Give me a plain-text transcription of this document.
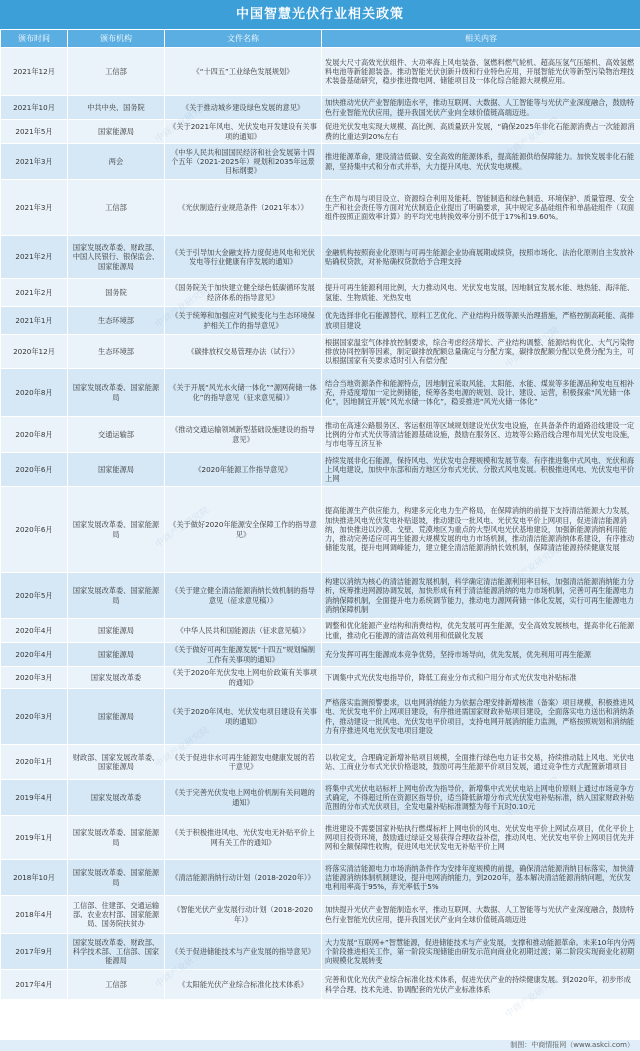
中国智慧光伏行业相关政策
颁布时间	颁布机构	文件名称	相关内容
2021年12月	工信部	《“十四五”工业绿色发展规划》	发展大尺寸高效光伏组件、大功率海上风电装备、氢燃料燃气轮机、超高压氢气压缩机、高效氢燃料电池等新能源装备。推动智能光伏创新升级和行业特色应用，开展智能光伏等新型污染物治理技术装备基础研究，稳步推进微电网、储能项目及一体化综合能源大规模应用。
2021年10月	中共中央、国务院	《关于推动城乡建设绿色发展的意见》	加快推动光伏产业智能制造水平，推动互联网、大数据、人工智能等与光伏产业深度融合，鼓励特色行业智能光伏应用，提升我国光伏产业向全球价值链高端迈进。
2021年5月	国家能源局	《关于2021年风电、光伏发电开发建设有关事项的通知》	促进光伏发电实现大规模、高比例、高质量跃升发展，“确保2025年非化石能源消费占一次能源消费的比重达到20%左右
2021年3月	两会	《中华人民共和国国民经济和社会发展第十四个五年（2021-2025年）规划和2035年远景目标纲要》	推进能源革命，建设清洁低碳、安全高效的能源体系，提高能源供给保障能力。加快发展非化石能源，坚持集中式和分布式并举，大力提升风电、光伏发电规模。
2021年3月	工信部	《光伏制造行业规范条件（2021年本）》	在生产布局与项目设立、资源综合利用及能耗、智能制造和绿色制造、环境保护、质量管理、安全生产和社会责任等方面对光伏制造企业提出了明确要求，其中规定多晶硅组件和单晶硅组件（双面组件按照正面效率计算）的平均光电转换效率分别不低于17%和19.60%。
2021年2月	国家发展改革委、财政部、中国人民银行、银保监会、国家能源局	《关于引导加大金融支持力度促进风电和光伏发电等行业健康有序发展的通知》	金融机构按照商业化原则与可再生能源企业协商展期或续贷，按照市场化、法治化原则自主发放补贴确权贷款，对补贴确权贷款给予合理支持
2021年2月	国务院	《国务院关于加快建立健全绿色低碳循环发展经济体系的指导意见》	提升可再生能源利用比例，大力推动风电、光伏发电发展，因地制宜发展水能、地热能、海洋能、氢能、生物质能、光热发电
2021年1月	生态环境部	《关于统筹和加强应对气候变化与生态环境保护相关工作的指导意见》	优先选择非化石能源替代、原料工艺优化、产业结构升级等源头治理措施，严格控制高耗能、高排放项目建设
2020年12月	生态环境部	《碳排放权交易管理办法（试行）》	根据国家温室气体排放控制要求，综合考虑经济增长、产业结构调整、能源结构优化、大气污染物排放协同控制等因素，制定碳排放配额总量确定与分配方案，碳排放配额分配以免费分配为主，可以根据国家有关要求适时引入有偿分配
2020年8月	国家发展改革委、国家能源局	《关于开展“风光水火储一体化”“源网荷储一体化”的指导意见（征求意见稿）》	结合当地资源条件和能源特点，因地制宜采取风能、太阳能、水能、煤炭等多能源品种发电互相补充，并适度增加一定比例储能，统筹各类电源的规划、设计、建设、运营，积极探索“风光储一体化”，因地制宜开展“风光水储一体化”，稳妥推进“风光火储一体化”
2020年8月	交通运输部	《推动交通运输领域新型基础设施建设的指导意见》	推动在高速公路服务区、客运枢纽等区域规划建设光伏发电设施，在具备条件的道路沿线建设一定比例的分布式光伏等清洁能源基础设施，鼓励在服务区、边坡等公路沿线合理布局光伏发电设施，与市电等互济互补
2020年6月	国家能源局	《2020年能源工作指导意见》	持续发展非化石能源，保持风电、光伏发电合理规模和发展节奏。有序推进集中式风电、光伏和海上风电建设，加快中东部和南方地区分布式光伏、分散式风电发展。积极推进风电、光伏发电平价上网
2020年6月	国家发展改革委、国家能源局	《关于做好2020年能源安全保障工作的指导意见》	提高能源生产供应能力，构建多元化电力生产格局，在保障消纳的前提下支持清洁能源大力发展，加快推进风电光伏发电补贴退坡，推动建设一批风电、光伏发电平价上网项目，促进清洁能源消纳，加快推进以沙漠、戈壁、荒漠地区为重点的大型风电光伏基地建设，加强新能源消纳利用能力，推动完善适应可再生能源大规模发展的电力市场机制，推动清洁能源消纳体系建设，有序推动储能发展，提升电网调峰能力，建立健全清洁能源消纳长效机制，保障清洁能源持续健康发展
2020年5月	国家发展改革委、国家能源局	《关于建立健全清洁能源消纳长效机制的指导意见（征求意见稿）》	构建以消纳为核心的清洁能源发展机制，科学确定清洁能源利用率目标，加强清洁能源消纳能力分析，统筹推进网源协调发展，加快形成有利于清洁能源消纳的电力市场机制，完善可再生能源电力消纳保障机制，全面提升电力系统调节能力，推动电力源网荷储一体化发展，实行可再生能源电力消纳保障机制
2020年4月	国家能源局	《中华人民共和国能源法（征求意见稿）》	调整和优化能源产业结构和消费结构，优先发展可再生能源，安全高效发展核电，提高非化石能源比重，推动化石能源的清洁高效利用和低碳化发展
2020年4月	国家能源局	《关于做好可再生能源发展“十四五”规划编制工作有关事项的通知》	充分发挥可再生能源成本竞争优势，坚持市场导向，优先发展，优先利用可再生能源
2020年3月	国家发展改革委	《关于2020年光伏发电上网电价政策有关事项的通知》	下调集中式光伏发电指导价，降低工商业分布式和户用分布式光伏发电补贴标准
2020年3月	国家能源局	《关于2020年风电、光伏发电项目建设有关事项的通知》	严格落实监测预警要求，以电网消纳能力为依据合理安排新增核准（备案）项目规模，积极推进风电、光伏发电平价上网项目建设，有序推进需国家财政补贴项目建设，全面落实电力送出和消纳条件，推动建设一批风电、光伏发电平价项目，支持电网开展消纳能力监测，严格按照规划和消纳能力有序推进风电光伏发电项目建设
2020年1月	财政部、国家发展改革委、国家能源局	《关于促进非水可再生能源发电健康发展的若干意见》	以收定支，合理确定新增补贴项目规模，全面推行绿色电力证书交易，持续推动陆上风电、光伏电站、工商业分布式光伏价格退坡，鼓励可再生能源平价项目发展，通过竞争性方式配置新增项目
2019年4月	国家发展改革委	《关于完善光伏发电上网电价机制有关问题的通知》	将集中式光伏电站标杆上网电价改为指导价，新增集中式光伏电站上网电价原则上通过市场竞争方式确定，不得超过所在资源区指导价，适当降低新增分布式光伏发电补贴标准，纳入国家财政补贴范围的分布式光伏项目，全发电量补贴标准调整为每千瓦时0.10元
2019年1月	国家发展改革委、国家能源局	《关于积极推进风电、光伏发电无补贴平价上网有关工作的通知》	推进建设不需要国家补贴执行燃煤标杆上网电价的风电、光伏发电平价上网试点项目，优化平价上网项目投资环境，鼓励通过绿证交易获得合理收益补偿，推动风电、光伏发电平价上网项目优先并网和全额保障性收购，促进风电光伏发电无补贴平价上网
2018年10月	国家发展改革委、国家能源局	《清洁能源消纳行动计划（2018-2020年）》	将落实清洁能源电力市场消纳条件作为安排年度规模的前提，确保清洁能源消纳目标落实，加快清洁能源消纳体制机制建设，提升电网消纳能力，到2020年，基本解决清洁能源消纳问题，光伏发电利用率高于95%，弃光率低于5%
2018年4月	工信部、住建部、交通运输部、农业农村部、国家能源局、国务院扶贫办	《智能光伏产业发展行动计划（2018-2020年）》	加快提升光伏产业智能制造水平，推动互联网、大数据、人工智能等与光伏产业深度融合，鼓励特色行业智能光伏应用，提升我国光伏产业向全球价值链高端迈进
2017年9月	国家发展改革委、财政部、科学技术部、工信部、国家能源局	《关于促进储能技术与产业发展的指导意见》	大力发展“互联网+”智慧能源，促进储能技术与产业发展，支撑和推动能源革命。未来10年内分两个阶段推进相关工作，第一阶段实现储能由研发示范向商业化初期过渡；第二阶段实现商业化初期向规模化发展转变
2017年4月	工信部	《太阳能光伏产业综合标准化技术体系》	完善和优化光伏产业综合标准化技术体系，促进光伏产业的持续健康发展。到2020年，初步形成科学合理、技术先进、协调配套的光伏产业标准体系
制图：中商情报网（www.askci.com）
